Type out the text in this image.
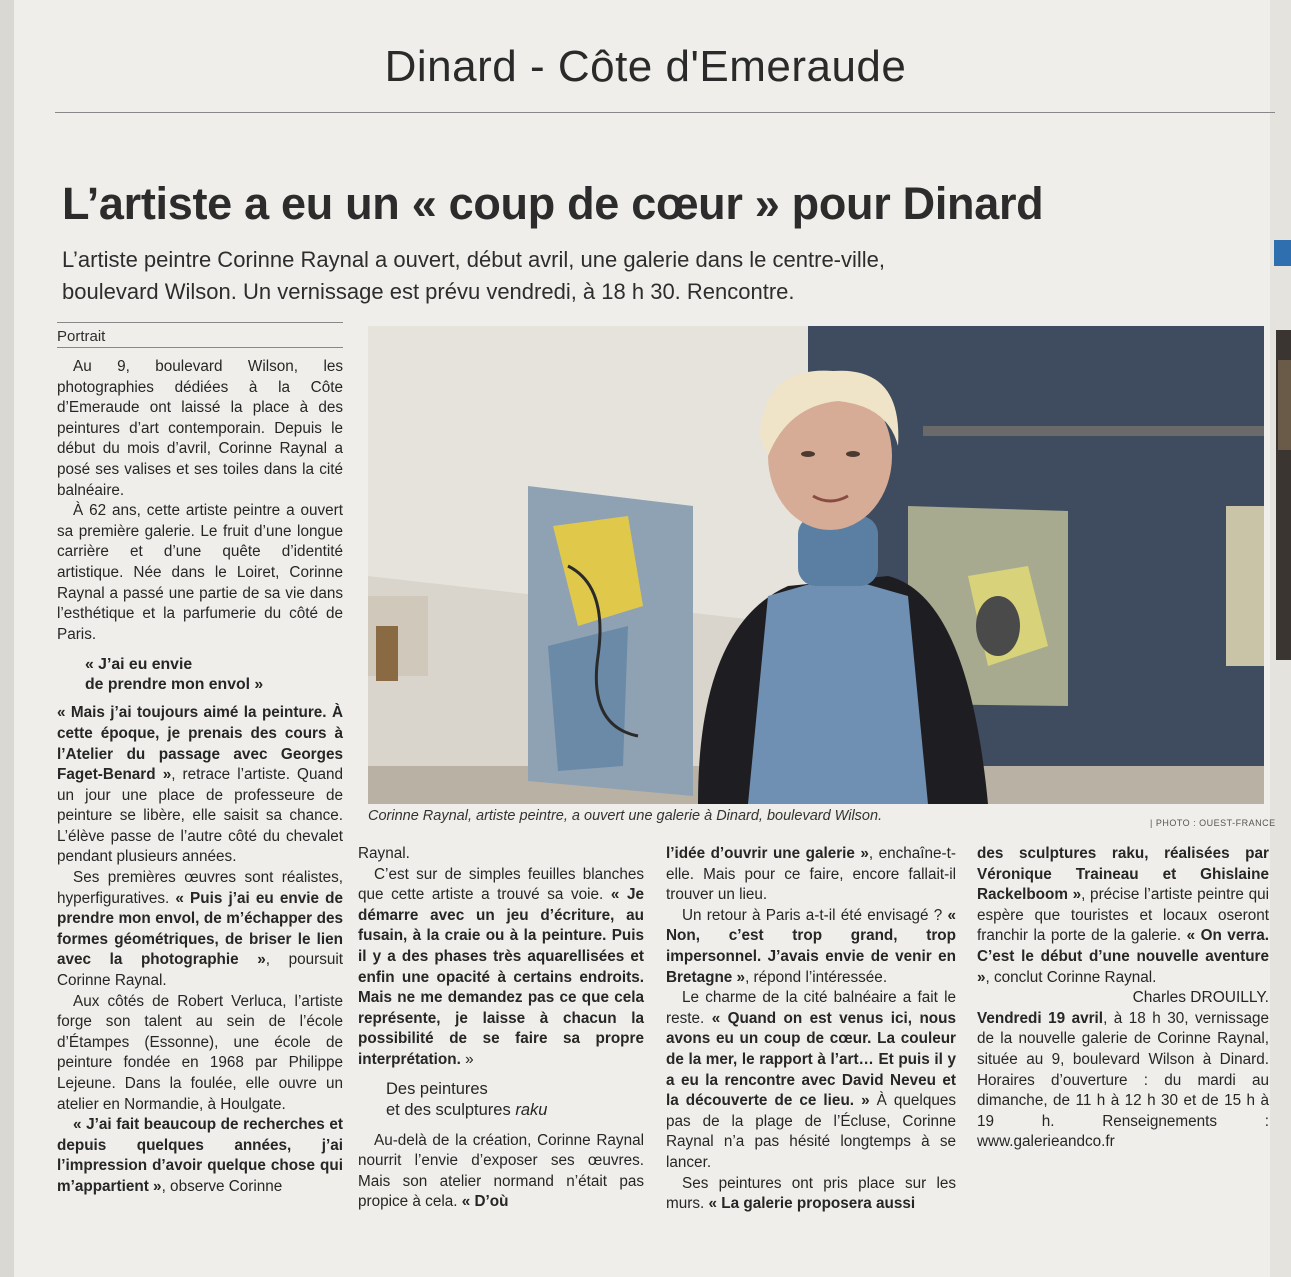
Dinard - Côte d'Emeraude
L’artiste a eu un « coup de cœur » pour Dinard
L’artiste peintre Corinne Raynal a ouvert, début avril, une galerie dans le centre-ville, boulevard Wilson. Un vernissage est prévu vendredi, à 18 h 30. Rencontre.
Portrait

Au 9, boulevard Wilson, les photographies dédiées à la Côte d’Emeraude ont laissé la place à des peintures d’art contemporain. Depuis le début du mois d’avril, Corinne Raynal a posé ses valises et ses toiles dans la cité balnéaire.

À 62 ans, cette artiste peintre a ouvert sa première galerie. Le fruit d’une longue carrière et d’une quête d’identité artistique. Née dans le Loiret, Corinne Raynal a passé une partie de sa vie dans l’esthétique et la parfumerie du côté de Paris.

« J’ai eu envie
de prendre mon envol »

« Mais j’ai toujours aimé la peinture. À cette époque, je prenais des cours à l’Atelier du passage avec Georges Faget-Benard », retrace l’artiste. Quand un jour une place de professeure de peinture se libère, elle saisit sa chance. L’élève passe de l’autre côté du chevalet pendant plusieurs années.

Ses premières œuvres sont réalistes, hyperfiguratives. « Puis j’ai eu envie de prendre mon envol, de m’échapper des formes géométriques, de briser le lien avec la photographie », poursuit Corinne Raynal.

Aux côtés de Robert Verluca, l’artiste forge son talent au sein de l’école d’Étampes (Essonne), une école de peinture fondée en 1968 par Philippe Lejeune. Dans la foulée, elle ouvre un atelier en Normandie, à Houlgate.

« J’ai fait beaucoup de recherches et depuis quelques années, j’ai l’impression d’avoir quelque chose qui m’appartient », observe Corinne

Corinne Raynal, artiste peintre, a ouvert une galerie à Dinard, boulevard Wilson.	| PHOTO : OUEST-FRANCE

Raynal.

C’est sur de simples feuilles blanches que cette artiste a trouvé sa voie. « Je démarre avec un jeu d’écriture, au fusain, à la craie ou à la peinture. Puis il y a des phases très aquarellisées et enfin une opacité à certains endroits. Mais ne me demandez pas ce que cela représente, je laisse à chacun la possibilité de se faire sa propre interprétation. »

Des peintures
et des sculptures raku

Au-delà de la création, Corinne Raynal nourrit l’envie d’exposer ses œuvres. Mais son atelier normand n’était pas propice à cela. « D’où

l’idée d’ouvrir une galerie », enchaîne-t-elle. Mais pour ce faire, encore fallait-il trouver un lieu.

Un retour à Paris a-t-il été envisagé ? « Non, c’est trop grand, trop impersonnel. J’avais envie de venir en Bretagne », répond l’intéressée.

Le charme de la cité balnéaire a fait le reste. « Quand on est venus ici, nous avons eu un coup de cœur. La couleur de la mer, le rapport à l’art… Et puis il y a eu la rencontre avec David Neveu et la découverte de ce lieu. » À quelques pas de la plage de l’Écluse, Corinne Raynal n’a pas hésité longtemps à se lancer.

Ses peintures ont pris place sur les murs. « La galerie proposera aussi

des sculptures raku, réalisées par Véronique Traineau et Ghislaine Rackelboom », précise l’artiste peintre qui espère que touristes et locaux oseront franchir la porte de la galerie. « On verra. C’est le début d’une nouvelle aventure », conclut Corinne Raynal.

Charles DROUILLY.

Vendredi 19 avril, à 18 h 30, vernissage de la nouvelle galerie de Corinne Raynal, située au 9, boulevard Wilson à Dinard. Horaires d’ouverture : du mardi au dimanche, de 11 h à 12 h 30 et de 15 h à 19 h. Renseignements : www.galerieandco.fr
